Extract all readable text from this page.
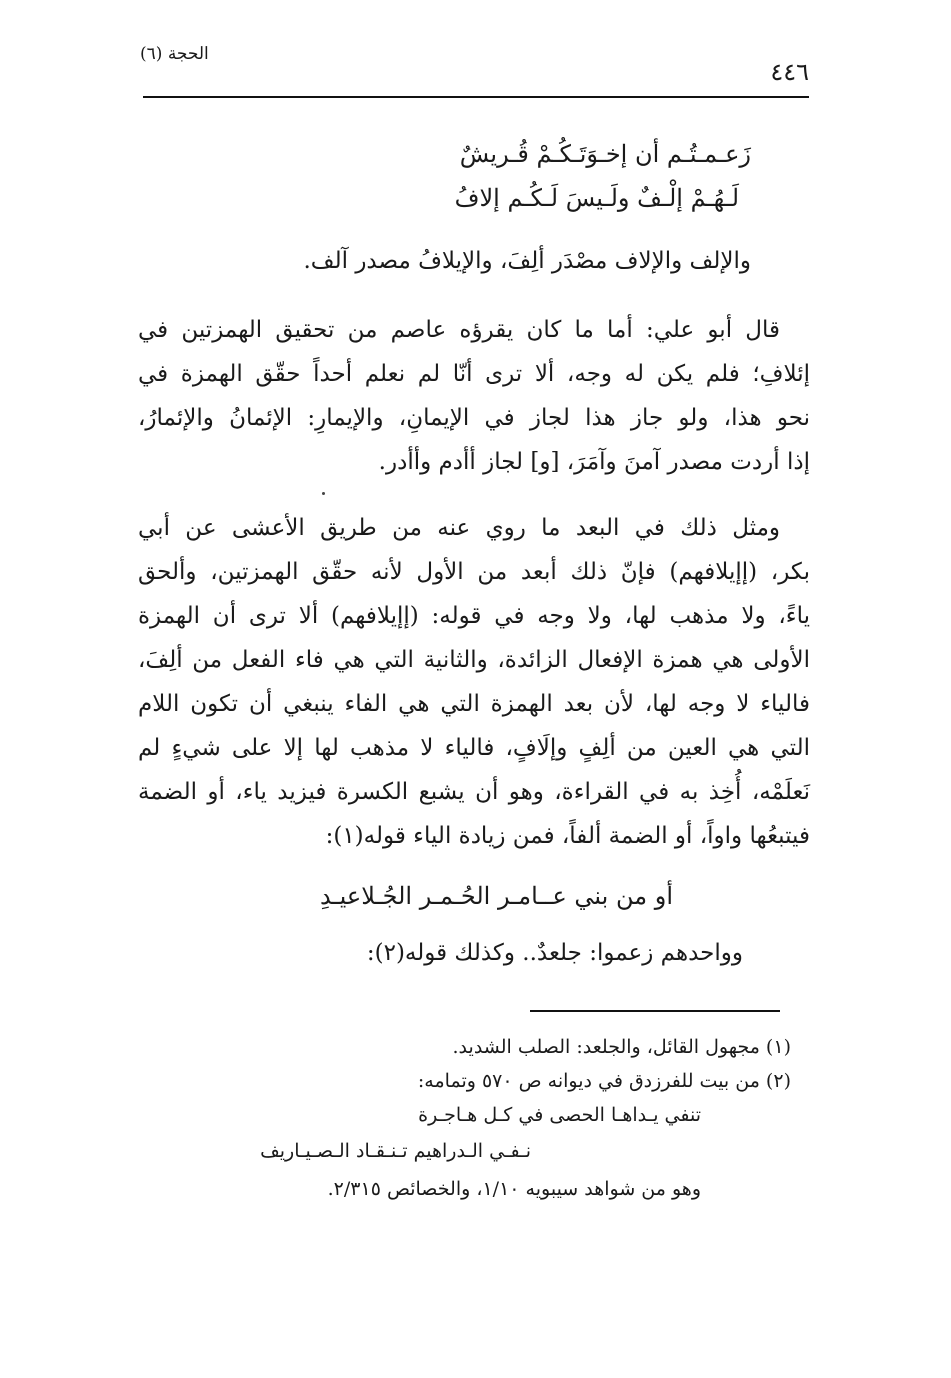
الحجة (٦)
٤٤٦
زَعـمـتُـم أن إخـوَتَـكُـمْ قُـريشٌ
لَـهُـمْ إلْـفٌ ولَـيسَ لَـكُـم إلافُ
والإلف والإلاف مصْدَر ألِفَ، والإيلافُ مصدر آلف.
قال أبو علي: أما ما كان يقرؤه عاصم من تحقيق الهمزتين في
إئلافِ؛ فلم يكن له وجه، ألا ترى أنّا لم نعلم أحداً حقّق الهمزة في
نحو هذا، ولو جاز هذا لجاز في الإيمانِ، والإيمارِ: الإئمانُ والإئمارُ،
إذا أردت مصدر آمنَ وآمَرَ، [و] لجاز أأدم وأأدر.
ومثل ذلك في البعد ما روي عنه من طريق الأعشى عن أبي
بكر، (إإيلافهم) فإنّ ذلك أبعد من الأول لأنه حقّق الهمزتين، وألحق
ياءً، ولا مذهب لها، ولا وجه في قوله: (إإيلافهم) ألا ترى أن الهمزة
الأولى هي همزة الإفعال الزائدة، والثانية التي هي فاء الفعل من ألِفَ،
فالياء لا وجه لها، لأن بعد الهمزة التي هي الفاء ينبغي أن تكون اللام
التي هي العين من ألِفٍ وإلَافٍ، فالياء لا مذهب لها إلا على شيءٍ لم
نَعلَمْه، أُخِذ به في القراءة، وهو أن يشبع الكسرة فيزيد ياء، أو الضمة
فيتبعُها واواً، أو الضمة ألفاً، فمن زيادة الياء قوله(١):
أو من بني عــامـر الحُـمـر الجُـلاعيـدِ
وواحدهم زعموا: جلعدٌ.. وكذلك قوله(٢):
(١) مجهول القائل، والجلعد: الصلب الشديد.
(٢) من بيت للفرزدق في ديوانه ص ٥٧٠ وتمامه:
تنفي يـداهـا الحصى في كـل هـاجـرة
نـفـي الـدراهيم تـنـقـاد الـصـيـاريف
وهو من شواهد سيبويه ١/١٠، والخصائص ٢/٣١٥.
